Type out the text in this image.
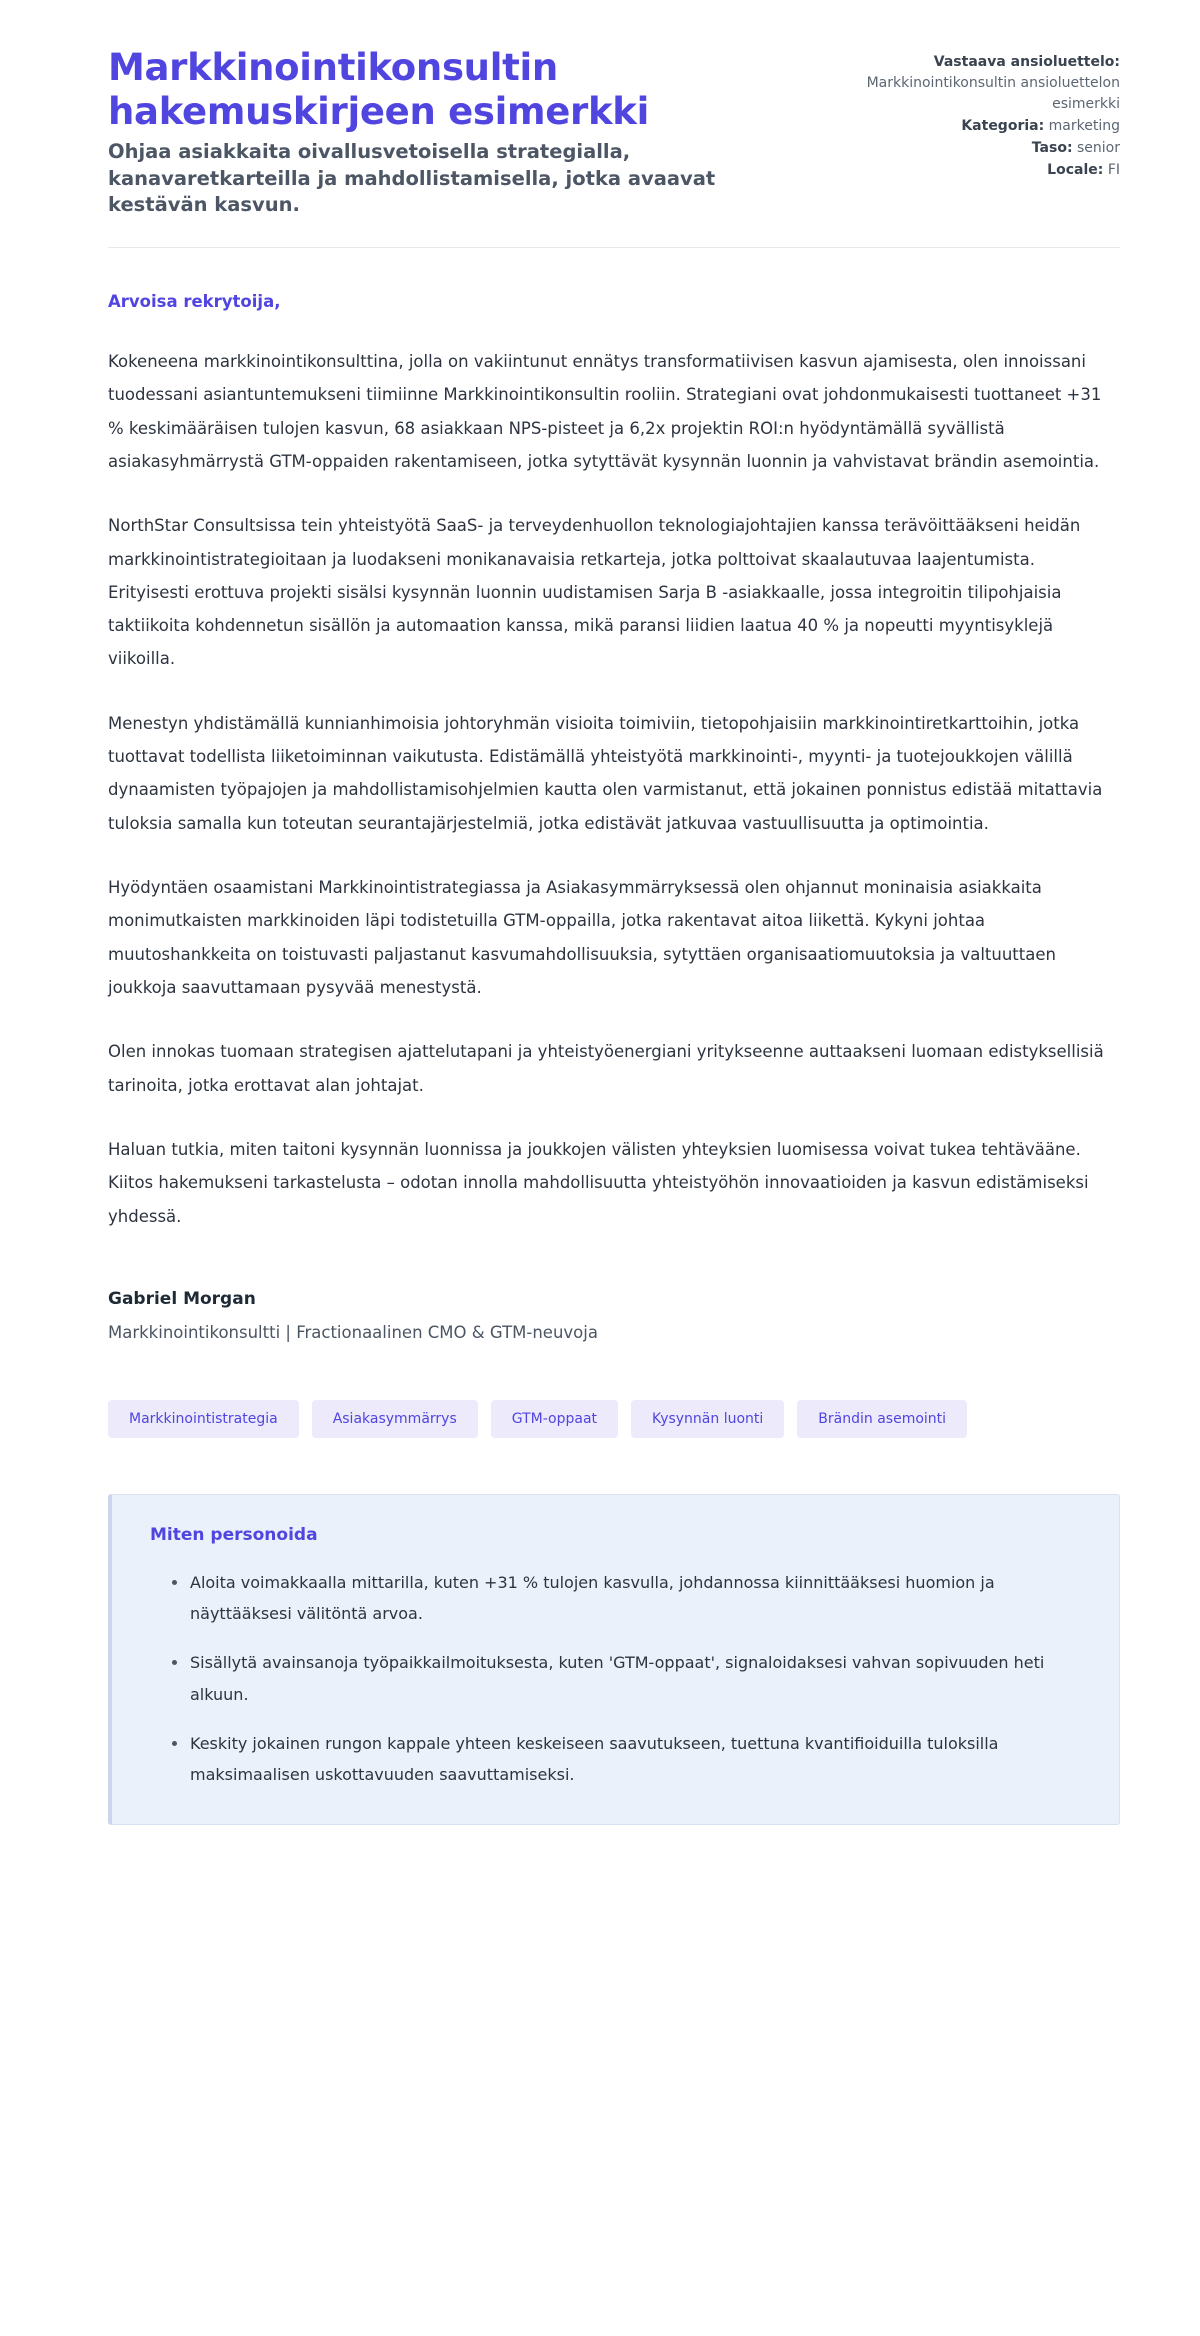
Markkinointikonsultin hakemuskirjeen esimerkki

Ohjaa asiakkaita oivallusvetoisella strategialla, kanavaretkarteilla ja mahdollistamisella, jotka avaavat kestävän kasvun.

Vastaava ansioluettelo:
Markkinointikonsultin ansioluettelon esimerkki
Kategoria: marketing
Taso: senior
Locale: FI

Arvoisa rekrytoija,

Kokeneena markkinointikonsulttina, jolla on vakiintunut ennätys transformatiivisen kasvun ajamisesta, olen innoissani tuodessani asiantuntemukseni tiimiinne Markkinointikonsultin rooliin. Strategiani ovat johdonmukaisesti tuottaneet +31 % keskimääräisen tulojen kasvun, 68 asiakkaan NPS-pisteet ja 6,2x projektin ROI:n hyödyntämällä syvällistä asiakasyhmärrystä GTM-oppaiden rakentamiseen, jotka sytyttävät kysynnän luonnin ja vahvistavat brändin asemointia.

NorthStar Consultsissa tein yhteistyötä SaaS- ja terveydenhuollon teknologiajohtajien kanssa terävöittääkseni heidän markkinointistrategioitaan ja luodakseni monikanavaisia retkarteja, jotka polttoivat skaalautuvaa laajentumista. Erityisesti erottuva projekti sisälsi kysynnän luonnin uudistamisen Sarja B -asiakkaalle, jossa integroitin tilipohjaisia taktiikoita kohdennetun sisällön ja automaation kanssa, mikä paransi liidien laatua 40 % ja nopeutti myyntisyklejä viikoilla.

Menestyn yhdistämällä kunnianhimoisia johtoryhmän visioita toimiviin, tietopohjaisiin markkinointiretkarttoihin, jotka tuottavat todellista liiketoiminnan vaikutusta. Edistämällä yhteistyötä markkinointi-, myynti- ja tuotejoukkojen välillä dynaamisten työpajojen ja mahdollistamisohjelmien kautta olen varmistanut, että jokainen ponnistus edistää mitattavia tuloksia samalla kun toteutan seurantajärjestelmiä, jotka edistävät jatkuvaa vastuullisuutta ja optimointia.

Hyödyntäen osaamistani Markkinointistrategiassa ja Asiakasymmärryksessä olen ohjannut moninaisia asiakkaita monimutkaisten markkinoiden läpi todistetuilla GTM-oppailla, jotka rakentavat aitoa liikettä. Kykyni johtaa muutoshankkeita on toistuvasti paljastanut kasvumahdollisuuksia, sytyttäen organisaatiomuutoksia ja valtuuttaen joukkoja saavuttamaan pysyvää menestystä.

Olen innokas tuomaan strategisen ajattelutapani ja yhteistyöenergiani yritykseenne auttaakseni luomaan edistyksellisiä tarinoita, jotka erottavat alan johtajat.

Haluan tutkia, miten taitoni kysynnän luonnissa ja joukkojen välisten yhteyksien luomisessa voivat tukea tehtävääne. Kiitos hakemukseni tarkastelusta – odotan innolla mahdollisuutta yhteistyöhön innovaatioiden ja kasvun edistämiseksi yhdessä.

Gabriel Morgan

Markkinointikonsultti | Fractionaalinen CMO & GTM-neuvoja

Markkinointistrategia	Asiakasymmärrys	GTM-oppaat	Kysynnän luonti	Brändin asemointi

Miten personoida

Aloita voimakkaalla mittarilla, kuten +31 % tulojen kasvulla, johdannossa kiinnittääksesi huomion ja näyttääksesi välitöntä arvoa.
Sisällytä avainsanoja työpaikkailmoituksesta, kuten 'GTM-oppaat', signaloidaksesi vahvan sopivuuden heti alkuun.
Keskity jokainen rungon kappale yhteen keskeiseen saavutukseen, tuettuna kvantifioiduilla tuloksilla maksimaalisen uskottavuuden saavuttamiseksi.
